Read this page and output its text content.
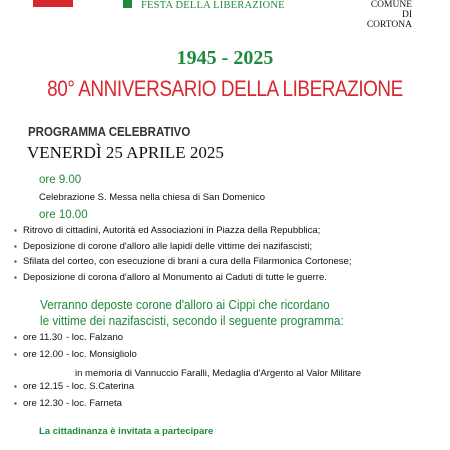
FESTA DELLA LIBERAZIONE	COMUNE DI
CORTONA
1945 - 2025
80° ANNIVERSARIO DELLA LIBERAZIONE
PROGRAMMA CELEBRATIVO
VENERDÌ 25 APRILE 2025
ore 9.00
Celebrazione S. Messa nella chiesa di San Domenico
ore 10.00
▪ Ritrovo di cittadini, Autorità ed Associazioni in Piazza della Repubblica;
▪ Deposizione di corone d'alloro alle lapidi delle vittime dei nazifascisti;
▪ Sfilata del corteo, con esecuzione di brani a cura della Filarmonica Cortonese;
▪ Deposizione di corona d'alloro al Monumento ai Caduti di tutte le guerre.
Verranno deposte corone d'alloro ai Cippi che ricordano
le vittime dei nazifascisti, secondo il seguente programma:
▪ ore 11.30 - loc. Falzano
▪ ore 12.00 - loc. Monsigliolo
▪ ore 12.15 - loc. S.Caterina
▪ ore 12.30 - loc. Farneta
in memoria di Vannuccio Faralli, Medaglia d'Argento al Valor Militare
La cittadinanza è invitata a partecipare
